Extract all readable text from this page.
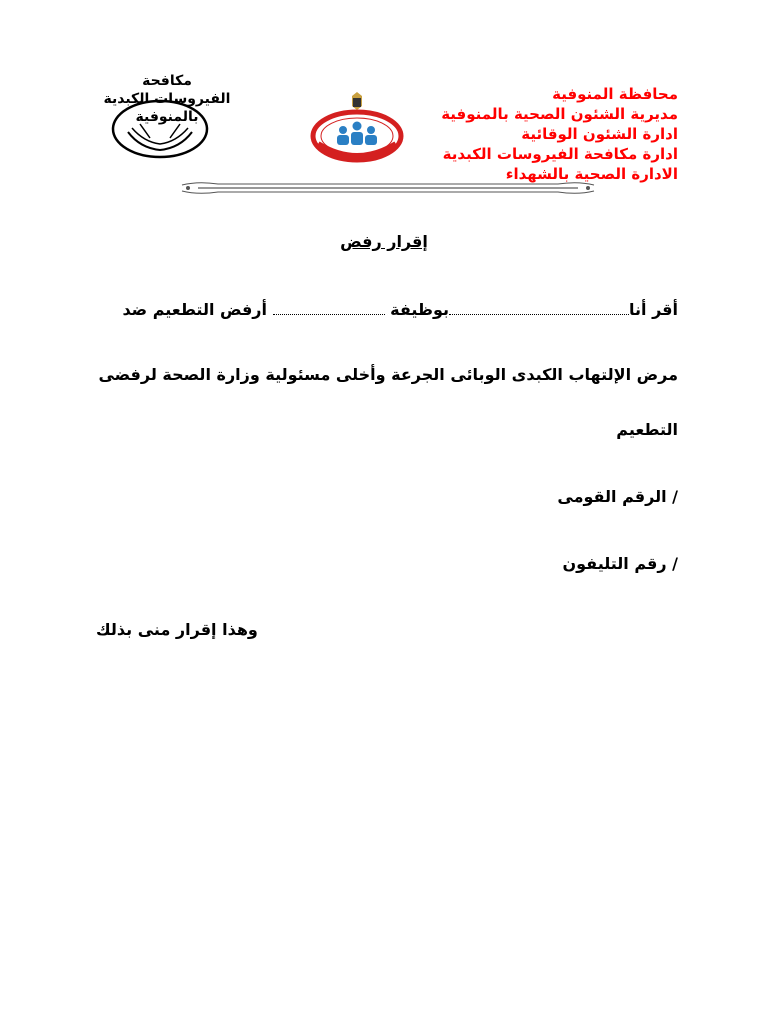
محافظة المنوفية
مديرية الشئون الصحية بالمنوفية
ادارة الشئون الوقائية
ادارة مكافحة الفيروسات الكبدية
الادارة الصحية بالشهداء
مكافحة
الفيروسات الكبدية
بالمنوفية
إقرار رفض
أقر أنابوظيفة  أرفض التطعيم ضد
مرض الإلتهاب الكبدى الوبائى الجرعة وأخلى مسئولية وزارة الصحة لرفضى
التطعيم
/ الرقم القومى
/ رقم التليفون
وهذا إقرار منى بذلك
